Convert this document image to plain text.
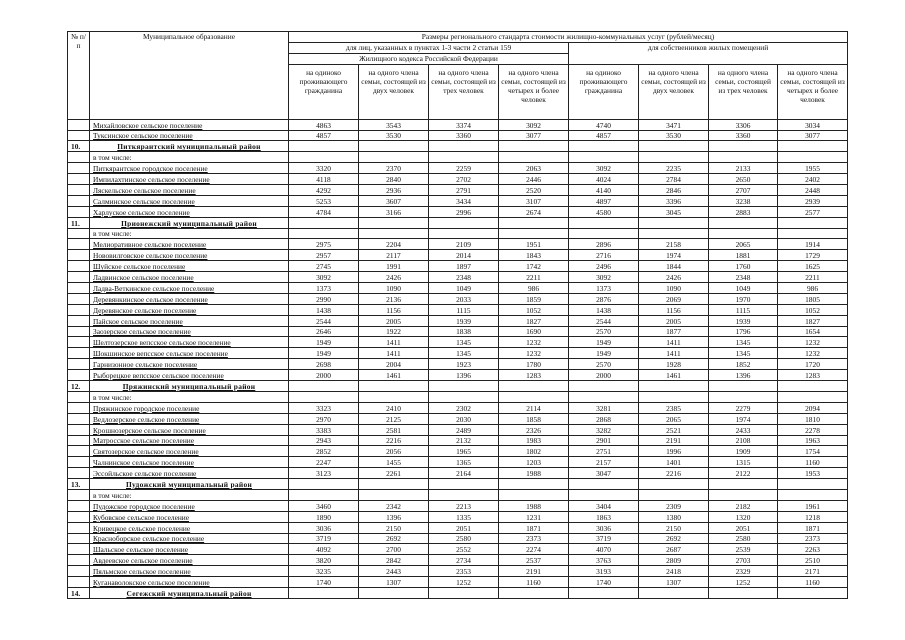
№ п/п	Муниципальное образование	Размеры регионального стандарта стоимости жилищно-коммунальных услуг (рублей/месяц)							
		для лиц, указанных в пунктах 1-3 части 2 статьи 159				для собственников жилых помещений			
		Жилищного кодекса Российской Федерации							
		на одиноко проживающего гражданина	на одного члена семьи, состоящей из двух человек	на одного члена семьи, состоящей из трех человек	на одного члена семьи, состоящей из четырех и более человек	на одиноко проживающего гражданина	на одного члена семьи, состоящей из двух человек	на одного члена семьи, состоящей из трех человек	на одного члена семьи, состоящей из четырех и более человек

	Михайловское сельское поселение	4863	3543	3374	3092	4740	3471	3306	3034
	Туксинское сельское поселение	4857	3530	3360	3077	4857	3530	3360	3077
10.	Питкярантский муниципальный район								
	в том числе:								
	Питкярантское городское поселение	3320	2370	2259	2063	3092	2235	2133	1955
	Импилахтинское сельское поселение	4118	2840	2702	2446	4024	2784	2650	2402
	Ляскельское сельское поселение	4292	2936	2791	2520	4140	2846	2707	2448
	Салминское сельское поселение	5253	3607	3434	3107	4897	3396	3238	2939
	Харлуское сельское поселение	4784	3166	2996	2674	4580	3045	2883	2577
11.	Прионежский муниципальный район								
	в том числе:								
	Мелиоративное сельское поселение	2975	2204	2109	1951	2896	2158	2065	1914
	Нововилговское сельское поселение	2957	2117	2014	1843	2716	1974	1881	1729
	Шуйское сельское поселение	2745	1991	1897	1742	2496	1844	1760	1625
	Ладвинское сельское поселение	3092	2426	2348	2211	3092	2426	2348	2211
	Ладва-Веткинское сельское поселение	1373	1090	1049	986	1373	1090	1049	986
	Деревянкинское сельское поселение	2990	2136	2033	1859	2876	2069	1970	1805
	Деревянское сельское поселение	1438	1156	1115	1052	1438	1156	1115	1052
	Пайское сельское поселение	2544	2005	1939	1827	2544	2005	1939	1827
	Заозерское сельское поселение	2646	1922	1838	1690	2570	1877	1796	1654
	Шелтозерское вепсское сельское поселение	1949	1411	1345	1232	1949	1411	1345	1232
	Шокшинское вепсское сельское поселение	1949	1411	1345	1232	1949	1411	1345	1232
	Гарнизонное сельское поселение	2698	2004	1923	1780	2570	1928	1852	1720
	Рыборецкое вепсское сельское поселение	2000	1461	1396	1283	2000	1461	1396	1283
12.	Пряжинский муниципальный район								
	в том числе:								
	Пряжинское городское поселение	3323	2410	2302	2114	3281	2385	2279	2094
	Ведлозерское сельское поселение	2970	2125	2030	1858	2868	2065	1974	1810
	Крошнозерское сельское поселение	3383	2581	2489	2326	3282	2521	2433	2278
	Матросское сельское поселение	2943	2216	2132	1983	2901	2191	2108	1963
	Святозерское сельское поселение	2852	2056	1965	1802	2751	1996	1909	1754
	Чалнинское сельское поселение	2247	1455	1365	1203	2157	1401	1315	1160
	Эссойльское сельское поселение	3123	2261	2164	1988	3047	2216	2122	1953
13.	Пудожский муниципальный район								
	в том числе:								
	Пудожское городское поселение	3460	2342	2213	1988	3404	2309	2182	1961
	Кубовское сельское поселение	1890	1396	1335	1231	1863	1380	1320	1218
	Кривецкое сельское поселение	3036	2150	2051	1871	3036	2150	2051	1871
	Красноборское сельское поселение	3719	2692	2580	2373	3719	2692	2580	2373
	Шальское сельское поселение	4092	2700	2552	2274	4070	2687	2539	2263
	Авдеевское сельское поселение	3820	2842	2734	2537	3763	2809	2703	2510
	Пяльмское сельское поселение	3235	2443	2353	2191	3193	2418	2329	2171
	Куганаволокское сельское поселение	1740	1307	1252	1160	1740	1307	1252	1160
14.	Сегежский муниципальный район								
